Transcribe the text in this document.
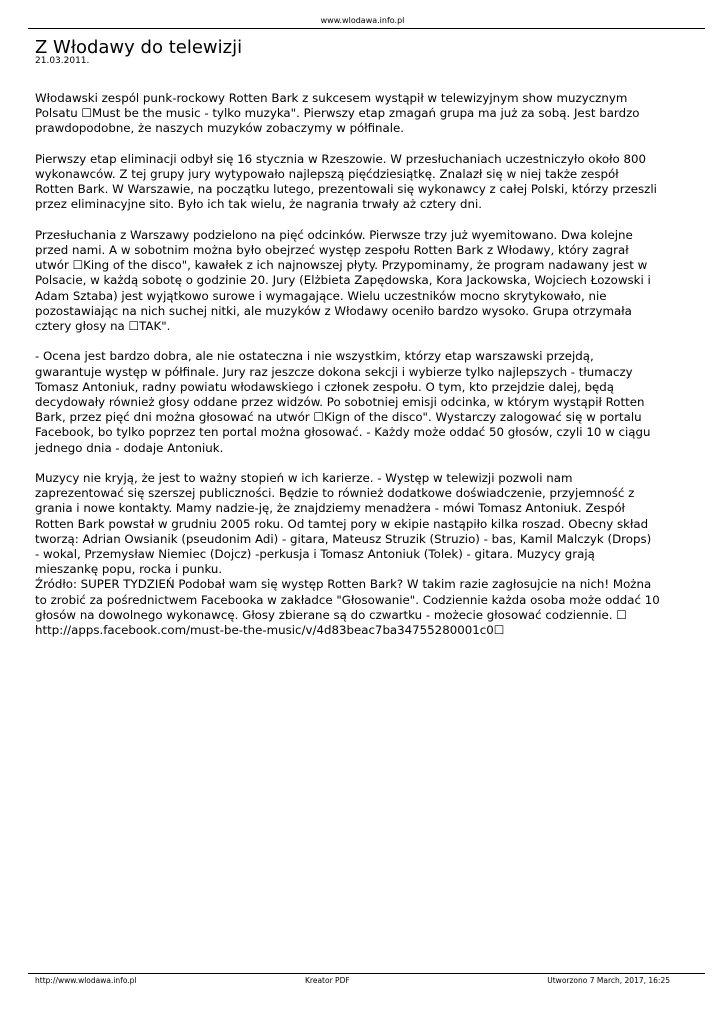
www.wlodawa.info.pl
Z Włodawy do telewizji
21.03.2011.

Włodawski zespól punk-rockowy Rotten Bark z sukcesem wystąpił w telewizyjnym show muzycznym
Polsatu ☐Must be the music - tylko muzyka". Pierwszy etap zmagań grupa ma już za sobą. Jest bardzo
prawdopodobne, że naszych muzyków zobaczymy w półfinale.

Pierwszy etap eliminacji odbył się 16 stycznia w Rzeszowie. W przesłuchaniach uczestniczyło około 800
wykonawców. Z tej grupy jury wytypowało najlepszą pięćdziesiątkę. Znalazł się w niej także zespół
Rotten Bark. W Warszawie, na początku lutego, prezentowali się wykonawcy z całej Polski, którzy przeszli
przez eliminacyjne sito. Było ich tak wielu, że nagrania trwały aż cztery dni.

Przesłuchania z Warszawy podzielono na pięć odcinków. Pierwsze trzy już wyemitowano. Dwa kolejne
przed nami. A w sobotnim można było obejrzeć występ zespołu Rotten Bark z Włodawy, który zagrał
utwór ☐King of the disco", kawałek z ich najnowszej płyty. Przypominamy, że program nadawany jest w
Polsacie, w każdą sobotę o godzinie 20. Jury (Elżbieta Zapędowska, Kora Jackowska, Wojciech Łozowski i
Adam Sztaba) jest wyjątkowo surowe i wymagające. Wielu uczestników mocno skrytykowało, nie
pozostawiając na nich suchej nitki, ale muzyków z Włodawy oceniło bardzo wysoko. Grupa otrzymała
cztery głosy na ☐TAK".

- Ocena jest bardzo dobra, ale nie ostateczna i nie wszystkim, którzy etap warszawski przejdą,
gwarantuje występ w półfinale. Jury raz jeszcze dokona sekcji i wybierze tylko najlepszych - tłumaczy
Tomasz Antoniuk, radny powiatu włodawskiego i członek zespołu. O tym, kto przejdzie dalej, będą
decydowały również głosy oddane przez widzów. Po sobotniej emisji odcinka, w którym wystąpił Rotten
Bark, przez pięć dni można głosować na utwór ☐Kign of the disco". Wystarczy zalogować się w portalu
Facebook, bo tylko poprzez ten portal można głosować. - Każdy może oddać 50 głosów, czyli 10 w ciągu
jednego dnia - dodaje Antoniuk.

Muzycy nie kryją, że jest to ważny stopień w ich karierze. - Występ w telewizji pozwoli nam
zaprezentować się szerszej publiczności. Będzie to również dodatkowe doświadczenie, przyjemność z
grania i nowe kontakty. Mamy nadzie-ję, że znajdziemy menadżera - mówi Tomasz Antoniuk. Zespół
Rotten Bark powstał w grudniu 2005 roku. Od tamtej pory w ekipie nastąpiło kilka roszad. Obecny skład
tworzą: Adrian Owsianik (pseudonim Adi) - gitara, Mateusz Struzik (Struzio) - bas, Kamil Malczyk (Drops)
- wokal, Przemysław Niemiec (Dojcz) -perkusja i Tomasz Antoniuk (Tolek) - gitara. Muzycy grają
mieszankę popu, rocka i punku.

Źródło: SUPER TYDZIEŃ Podobał wam się występ Rotten Bark? W takim razie zagłosujcie na nich! Można
to zrobić za pośrednictwem Facebooka w zakładce "Głosowanie". Codziennie każda osoba może oddać 10
głosów na dowolnego wykonawcę. Głosy zbierane są do czwartku - możecie głosować codziennie. ☐
http://apps.facebook.com/must-be-the-music/v/4d83beac7ba34755280001c0☐

http://www.wlodawa.info.pl	Kreator PDF	Utworzono 7 March, 2017, 16:25
